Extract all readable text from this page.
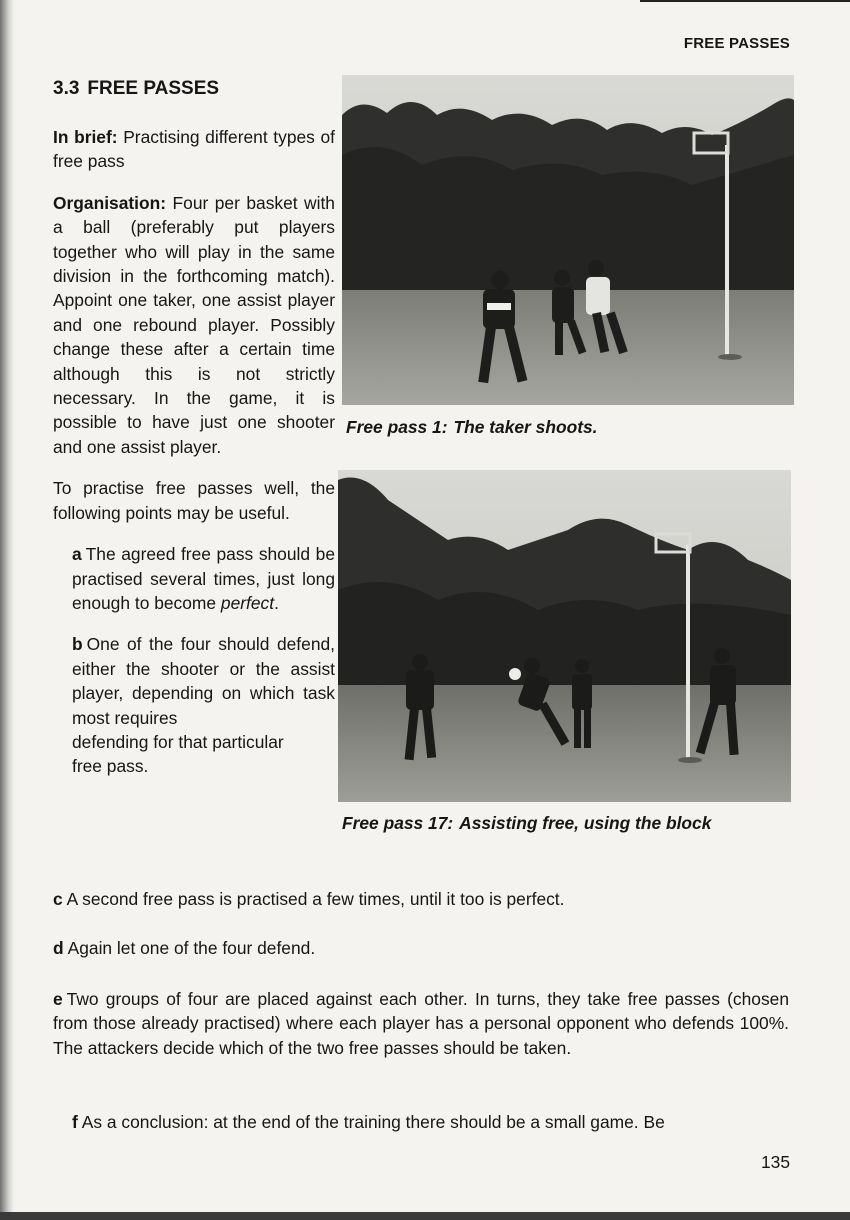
FREE PASSES
3.3 FREE PASSES

In brief: Practising different types of free pass

Organisation: Four per basket with a ball (preferably put players together who will play in the same division in the forthcoming match). Appoint one taker, one assist player and one rebound player. Possibly change these after a certain time although this is not strictly necessary. In the game, it is possible to have just one shooter and one assist player.

To practise free passes well, the following points may be useful.

a The agreed free pass should be practised several times, just long enough to become perfect.

b One of the four should defend, either the shooter or the assist player, depending on which task most requires
defending for that particular
free pass.
Free pass 1: The taker shoots.
Free pass 17: Assisting free, using the block
c A second free pass is practised a few times, until it too is perfect.
d Again let one of the four defend.
e Two groups of four are placed against each other. In turns, they take free passes (chosen from those already practised) where each player has a personal opponent who defends 100%. The attackers decide which of the two free passes should be taken.
f As a conclusion: at the end of the training there should be a small game. Be
135
